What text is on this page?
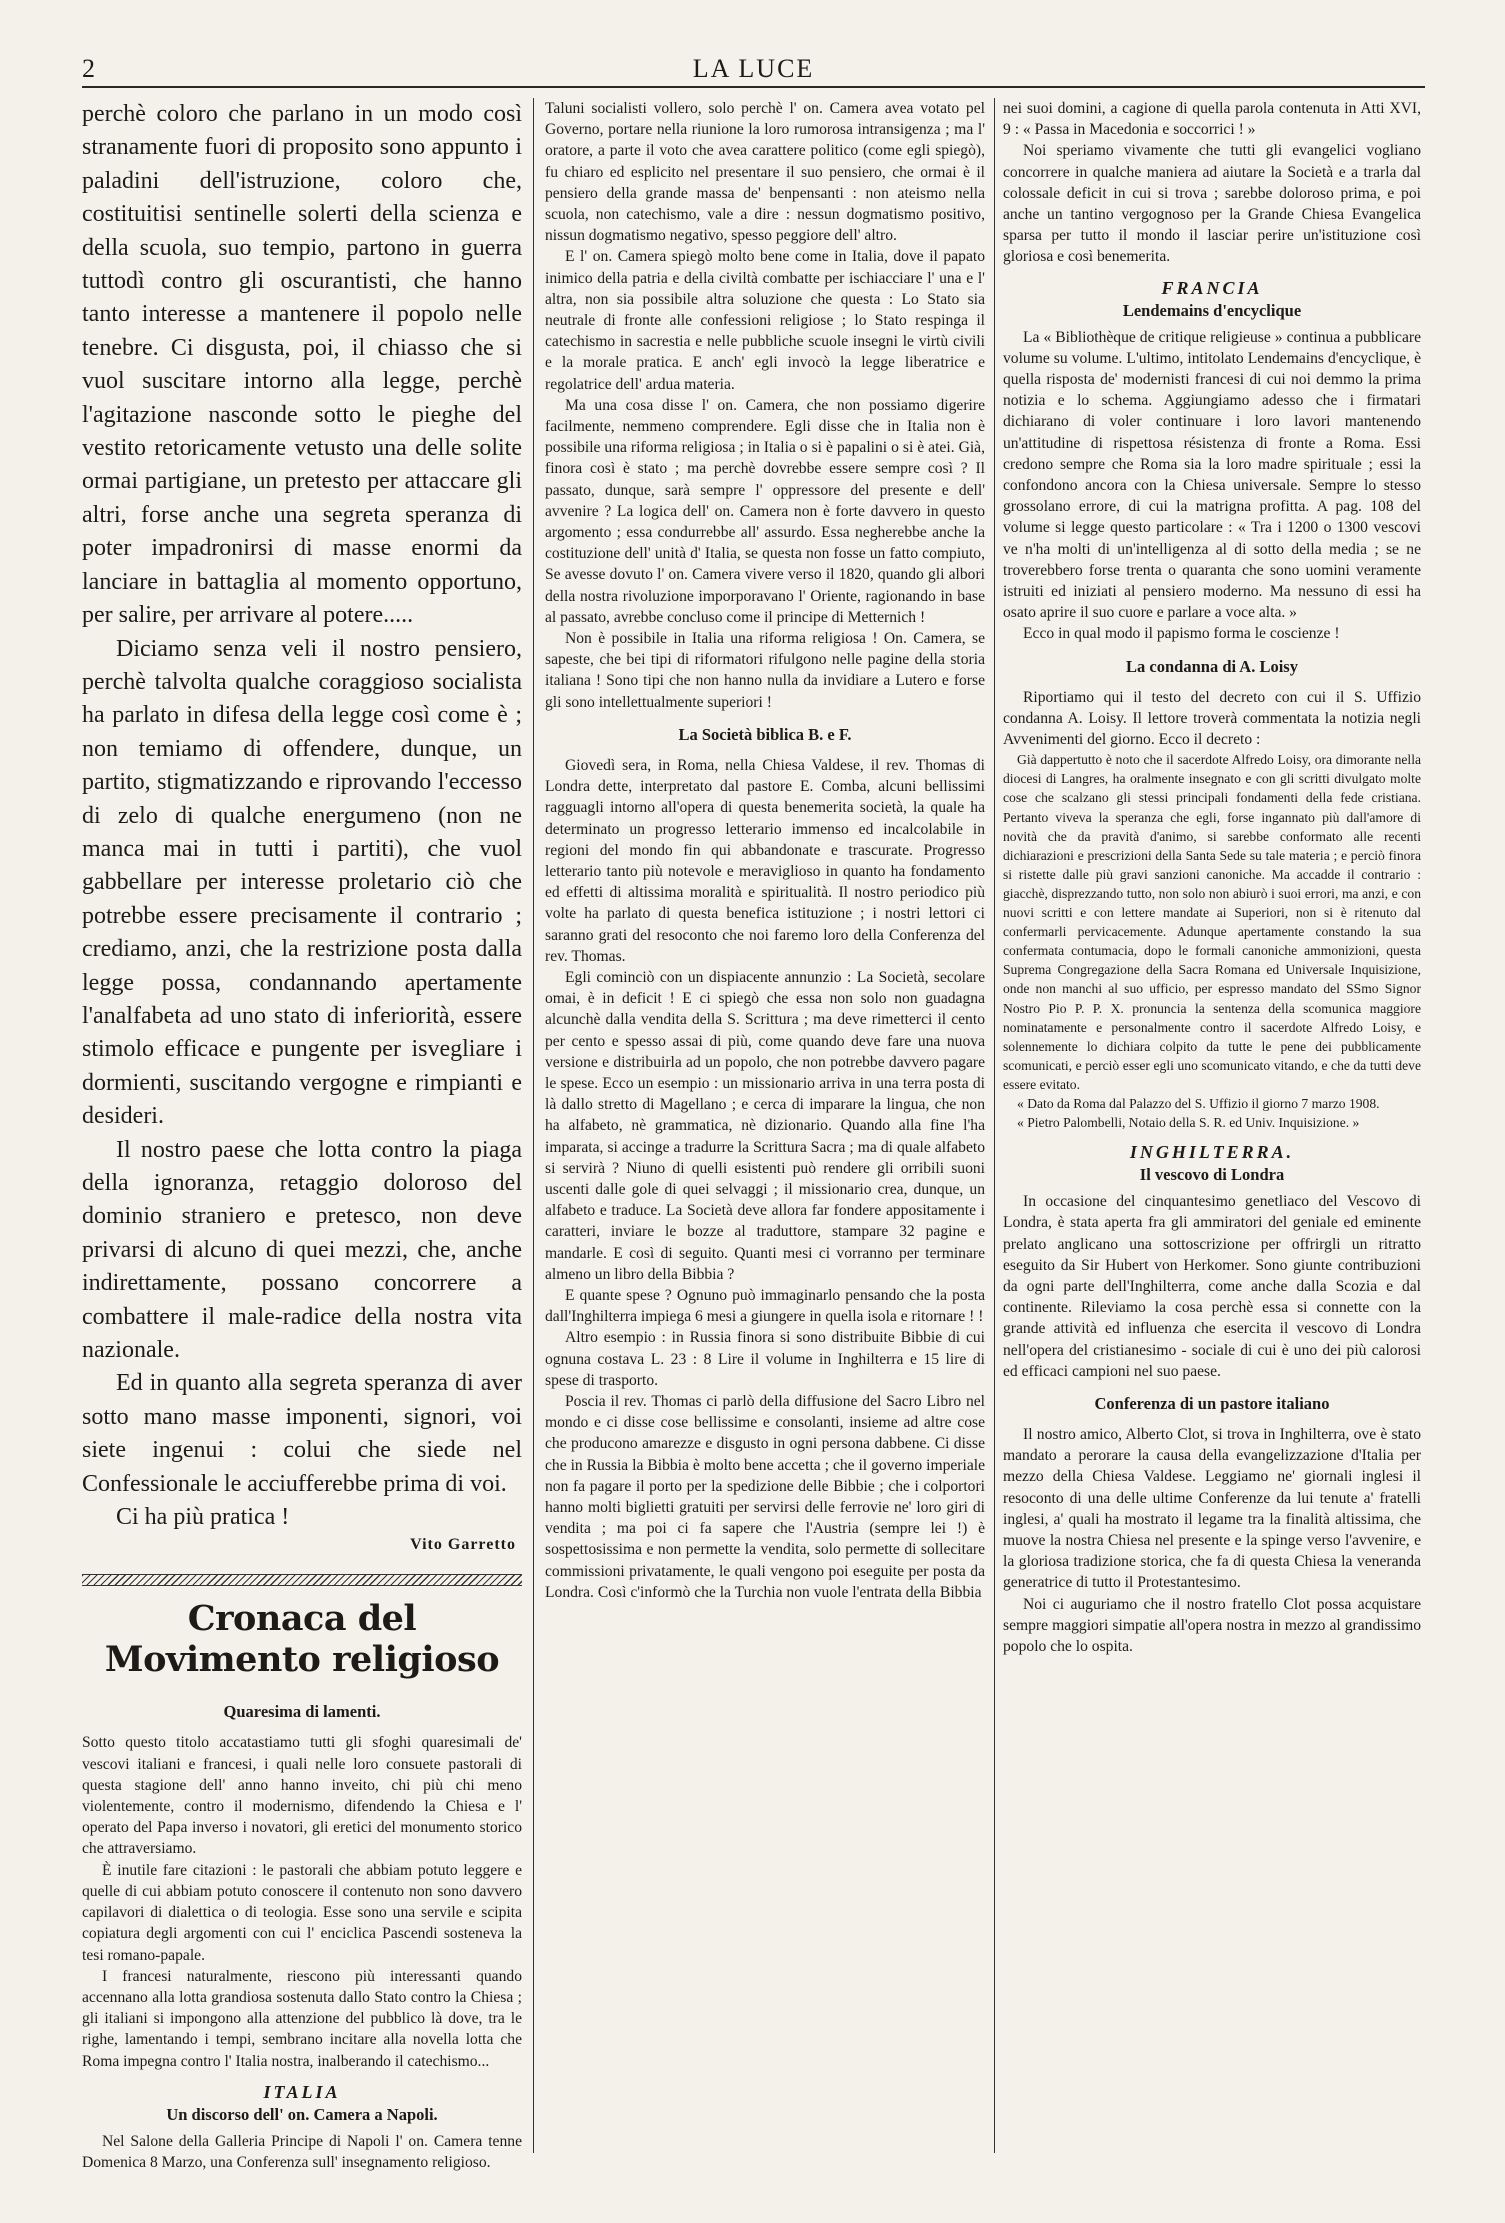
2	LA LUCE

perchè coloro che parlano in un modo così stranamente fuori di proposito sono appunto i paladini dell'istruzione, coloro che, costituitisi sentinelle solerti della scienza e della scuola, suo tempio, partono in guerra tuttodì contro gli oscurantisti, che hanno tanto interesse a mantenere il popolo nelle tenebre. Ci disgusta, poi, il chiasso che si vuol suscitare intorno alla legge, perchè l'agitazione nasconde sotto le pieghe del vestito retoricamente vetusto una delle solite ormai partigiane, un pretesto per attaccare gli altri, forse anche una segreta speranza di poter impadronirsi di masse enormi da lanciare in battaglia al momento opportuno, per salire, per arrivare al potere.....

Diciamo senza veli il nostro pensiero, perchè talvolta qualche coraggioso socialista ha parlato in difesa della legge così come è ; non temiamo di offendere, dunque, un partito, stigmatizzando e riprovando l'eccesso di zelo di qualche energumeno (non ne manca mai in tutti i partiti), che vuol gabbellare per interesse proletario ciò che potrebbe essere precisamente il contrario ; crediamo, anzi, che la restrizione posta dalla legge possa, condannando apertamente l'analfabeta ad uno stato di inferiorità, essere stimolo efficace e pungente per isvegliare i dormienti, suscitando vergogne e rimpianti e desideri.

Il nostro paese che lotta contro la piaga della ignoranza, retaggio doloroso del dominio straniero e pretesco, non deve privarsi di alcuno di quei mezzi, che, anche indirettamente, possano concorrere a combattere il male-radice della nostra vita nazionale.

Ed in quanto alla segreta speranza di aver sotto mano masse imponenti, signori, voi siete ingenui : colui che siede nel Confessionale le acciufferebbe prima di voi.

Ci ha più pratica !

Vito Garretto
Cronaca del Movimento religioso
Quaresima di lamenti.

Sotto questo titolo accatastiamo tutti gli sfoghi quaresimali de' vescovi italiani e francesi, i quali nelle loro consuete pastorali di questa stagione dell' anno hanno inveito, chi più chi meno violentemente, contro il modernismo, difendendo la Chiesa e l' operato del Papa inverso i novatori, gli eretici del monumento storico che attraversiamo.

È inutile fare citazioni : le pastorali che abbiam potuto leggere e quelle di cui abbiam potuto conoscere il contenuto non sono davvero capilavori di dialettica o di teologia. Esse sono una servile e scipita copiatura degli argomenti con cui l' enciclica Pascendi sosteneva la tesi romano-papale.

I francesi naturalmente, riescono più interessanti quando accennano alla lotta grandiosa sostenuta dallo Stato contro la Chiesa ; gli italiani si impongono alla attenzione del pubblico là dove, tra le righe, lamentando i tempi, sembrano incitare alla novella lotta che Roma impegna contro l' Italia nostra, inalberando il catechismo...

ITALIA
Un discorso dell' on. Camera a Napoli.

Nel Salone della Galleria Principe di Napoli l' on. Camera tenne Domenica 8 Marzo, una Conferenza sull' insegnamento religioso.

Taluni socialisti vollero, solo perchè l' on. Camera avea votato pel Governo, portare nella riunione la loro rumorosa intransigenza ; ma l' oratore, a parte il voto che avea carattere politico (come egli spiegò), fu chiaro ed esplicito nel presentare il suo pensiero, che ormai è il pensiero della grande massa de' benpensanti : non ateismo nella scuola, non catechismo, vale a dire : nessun dogmatismo positivo, nissun dogmatismo negativo, spesso peggiore dell' altro.

E l' on. Camera spiegò molto bene come in Italia, dove il papato inimico della patria e della civiltà combatte per ischiacciare l' una e l' altra, non sia possibile altra soluzione che questa : Lo Stato sia neutrale di fronte alle confessioni religiose ; lo Stato respinga il catechismo in sacrestia e nelle pubbliche scuole insegni le virtù civili e la morale pratica. E anch' egli invocò la legge liberatrice e regolatrice dell' ardua materia.

Ma una cosa disse l' on. Camera, che non possiamo digerire facilmente, nemmeno comprendere. Egli disse che in Italia non è possibile una riforma religiosa ; in Italia o si è papalini o si è atei. Già, finora così è stato ; ma perchè dovrebbe essere sempre così ? Il passato, dunque, sarà sempre l' oppressore del presente e dell' avvenire ? La logica dell' on. Camera non è forte davvero in questo argomento ; essa condurrebbe all' assurdo. Essa negherebbe anche la costituzione dell' unità d' Italia, se questa non fosse un fatto compiuto, Se avesse dovuto l' on. Camera vivere verso il 1820, quando gli albori della nostra rivoluzione imporporavano l' Oriente, ragionando in base al passato, avrebbe concluso come il principe di Metternich !

Non è possibile in Italia una riforma religiosa ! On. Camera, se sapeste, che bei tipi di riformatori rifulgono nelle pagine della storia italiana ! Sono tipi che non hanno nulla da invidiare a Lutero e forse gli sono intellettualmente superiori !

La Società biblica B. e F.

Giovedì sera, in Roma, nella Chiesa Valdese, il rev. Thomas di Londra dette, interpretato dal pastore E. Comba, alcuni bellissimi ragguagli intorno all'opera di questa benemerita società, la quale ha determinato un progresso letterario immenso ed incalcolabile in regioni del mondo fin qui abbandonate e trascurate. Progresso letterario tanto più notevole e meraviglioso in quanto ha fondamento ed effetti di altissima moralità e spiritualità. Il nostro periodico più volte ha parlato di questa benefica istituzione ; i nostri lettori ci saranno grati del resoconto che noi faremo loro della Conferenza del rev. Thomas.

Egli cominciò con un dispiacente annunzio : La Società, secolare omai, è in deficit ! E ci spiegò che essa non solo non guadagna alcunchè dalla vendita della S. Scrittura ; ma deve rimetterci il cento per cento e spesso assai di più, come quando deve fare una nuova versione e distribuirla ad un popolo, che non potrebbe davvero pagare le spese. Ecco un esempio : un missionario arriva in una terra posta di là dallo stretto di Magellano ; e cerca di imparare la lingua, che non ha alfabeto, nè grammatica, nè dizionario. Quando alla fine l'ha imparata, si accinge a tradurre la Scrittura Sacra ; ma di quale alfabeto si servirà ? Niuno di quelli esistenti può rendere gli orribili suoni uscenti dalle gole di quei selvaggi ; il missionario crea, dunque, un alfabeto e traduce. La Società deve allora far fondere appositamente i caratteri, inviare le bozze al traduttore, stampare 32 pagine e mandarle. E così di seguito. Quanti mesi ci vorranno per terminare almeno un libro della Bibbia ?

E quante spese ? Ognuno può immaginarlo pensando che la posta dall'Inghilterra impiega 6 mesi a giungere in quella isola e ritornare ! !

Altro esempio : in Russia finora si sono distribuite Bibbie di cui ognuna costava L. 23 : 8 Lire il volume in Inghilterra e 15 lire di spese di trasporto.

Poscia il rev. Thomas ci parlò della diffusione del Sacro Libro nel mondo e ci disse cose bellissime e consolanti, insieme ad altre cose che producono amarezze e disgusto in ogni persona dabbene. Ci disse che in Russia la Bibbia è molto bene accetta ; che il governo imperiale non fa pagare il porto per la spedizione delle Bibbie ; che i colportori hanno molti biglietti gratuiti per servirsi delle ferrovie ne' loro giri di vendita ; ma poi ci fa sapere che l'Austria (sempre lei !) è sospettosissima e non permette la vendita, solo permette di sollecitare commissioni privatamente, le quali vengono poi eseguite per posta da Londra. Così c'informò che la Turchia non vuole l'entrata della Bibbia

nei suoi domini, a cagione di quella parola contenuta in Atti XVI, 9 : « Passa in Macedonia e soccorrici ! »

Noi speriamo vivamente che tutti gli evangelici vogliano concorrere in qualche maniera ad aiutare la Società e a trarla dal colossale deficit in cui si trova ; sarebbe doloroso prima, e poi anche un tantino vergognoso per la Grande Chiesa Evangelica sparsa per tutto il mondo il lasciar perire un'istituzione così gloriosa e così benemerita.

FRANCIA
Lendemains d'encyclique

La « Bibliothèque de critique religieuse » continua a pubblicare volume su volume. L'ultimo, intitolato Lendemains d'encyclique, è quella risposta de' modernisti francesi di cui noi demmo la prima notizia e lo schema. Aggiungiamo adesso che i firmatari dichiarano di voler continuare i loro lavori mantenendo un'attitudine di rispettosa résistenza di fronte a Roma. Essi credono sempre che Roma sia la loro madre spirituale ; essi la confondono ancora con la Chiesa universale. Sempre lo stesso grossolano errore, di cui la matrigna profitta. A pag. 108 del volume si legge questo particolare : « Tra i 1200 o 1300 vescovi ve n'ha molti di un'intelligenza al di sotto della media ; se ne troverebbero forse trenta o quaranta che sono uomini veramente istruiti ed iniziati al pensiero moderno. Ma nessuno di essi ha osato aprire il suo cuore e parlare a voce alta. »

Ecco in qual modo il papismo forma le coscienze !

La condanna di A. Loisy

Riportiamo qui il testo del decreto con cui il S. Uffizio condanna A. Loisy. Il lettore troverà commentata la notizia negli Avvenimenti del giorno. Ecco il decreto :

Già dappertutto è noto che il sacerdote Alfredo Loisy, ora dimorante nella diocesi di Langres, ha oralmente insegnato e con gli scritti divulgato molte cose che scalzano gli stessi principali fondamenti della fede cristiana. Pertanto viveva la speranza che egli, forse ingannato più dall'amore di novità che da pravità d'animo, si sarebbe conformato alle recenti dichiarazioni e prescrizioni della Santa Sede su tale materia ; e perciò finora si ristette dalle più gravi sanzioni canoniche. Ma accadde il contrario : giacchè, disprezzando tutto, non solo non abiurò i suoi errori, ma anzi, e con nuovi scritti e con lettere mandate ai Superiori, non si è ritenuto dal confermarli pervicacemente. Adunque apertamente constando la sua confermata contumacia, dopo le formali canoniche ammonizioni, questa Suprema Congregazione della Sacra Romana ed Universale Inquisizione, onde non manchi al suo ufficio, per espresso mandato del SSmo Signor Nostro Pio P. P. X. pronuncia la sentenza della scomunica maggiore nominatamente e personalmente contro il sacerdote Alfredo Loisy, e solennemente lo dichiara colpito da tutte le pene dei pubblicamente scomunicati, e perciò esser egli uno scomunicato vitando, e che da tutti deve essere evitato.

« Dato da Roma dal Palazzo del S. Uffizio il giorno 7 marzo 1908.

« Pietro Palombelli, Notaio della S. R. ed Univ. Inquisizione. »

INGHILTERRA.
Il vescovo di Londra

In occasione del cinquantesimo genetliaco del Vescovo di Londra, è stata aperta fra gli ammiratori del geniale ed eminente prelato anglicano una sottoscrizione per offrirgli un ritratto eseguito da Sir Hubert von Herkomer. Sono giunte contribuzioni da ogni parte dell'Inghilterra, come anche dalla Scozia e dal continente. Rileviamo la cosa perchè essa si connette con la grande attività ed influenza che esercita il vescovo di Londra nell'opera del cristianesimo - sociale di cui è uno dei più calorosi ed efficaci campioni nel suo paese.

Conferenza di un pastore italiano

Il nostro amico, Alberto Clot, si trova in Inghilterra, ove è stato mandato a perorare la causa della evangelizzazione d'Italia per mezzo della Chiesa Valdese. Leggiamo ne' giornali inglesi il resoconto di una delle ultime Conferenze da lui tenute a' fratelli inglesi, a' quali ha mostrato il legame tra la finalità altissima, che muove la nostra Chiesa nel presente e la spinge verso l'avvenire, e la gloriosa tradizione storica, che fa di questa Chiesa la veneranda generatrice di tutto il Protestantesimo.

Noi ci auguriamo che il nostro fratello Clot possa acquistare sempre maggiori simpatie all'opera nostra in mezzo al grandissimo popolo che lo ospita.
